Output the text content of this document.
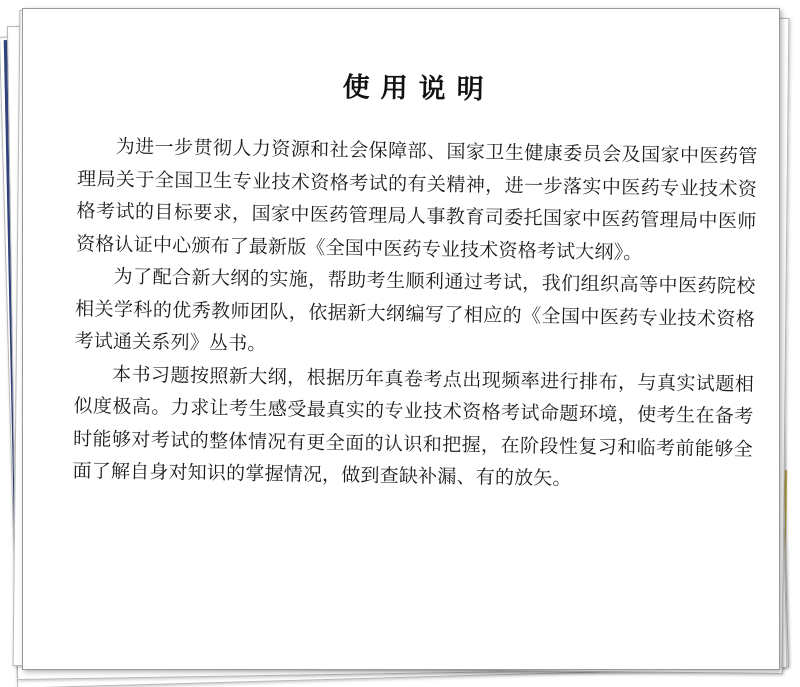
使用说明

为进一步贯彻人力资源和社会保障部、国家卫生健康委员会及国家中医药管理局关于全国卫生专业技术资格考试的有关精神，进一步落实中医药专业技术资格考试的目标要求，国家中医药管理局人事教育司委托国家中医药管理局中医师资格认证中心颁布了最新版《全国中医药专业技术资格考试大纲》。

为了配合新大纲的实施，帮助考生顺利通过考试，我们组织高等中医药院校相关学科的优秀教师团队，依据新大纲编写了相应的《全国中医药专业技术资格考试通关系列》丛书。

本书习题按照新大纲，根据历年真卷考点出现频率进行排布，与真实试题相似度极高。力求让考生感受最真实的专业技术资格考试命题环境，使考生在备考时能够对考试的整体情况有更全面的认识和把握，在阶段性复习和临考前能够全面了解自身对知识的掌握情况，做到查缺补漏、有的放矢。
